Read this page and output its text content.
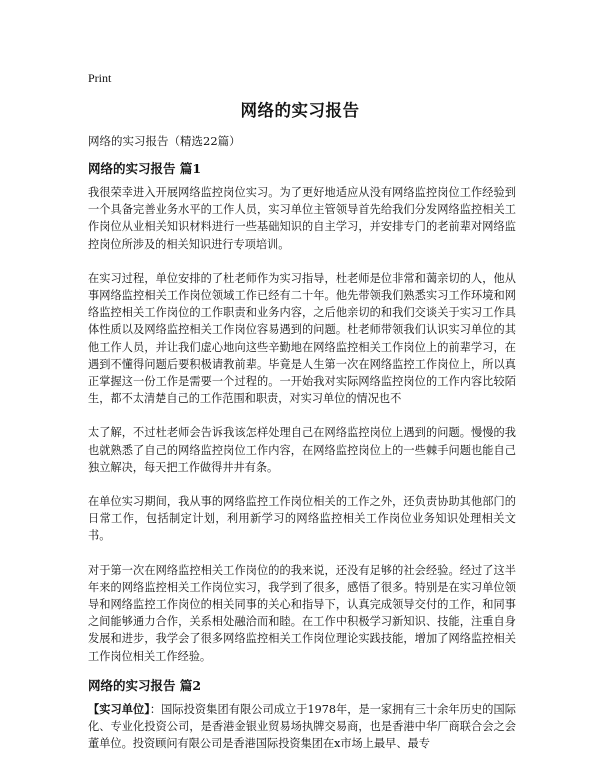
Print
网络的实习报告
网络的实习报告（精选22篇）
网络的实习报告 篇1

我很荣幸进入开展网络监控岗位实习。为了更好地适应从没有网络监控岗位工作经验到一个具备完善业务水平的工作人员，实习单位主管领导首先给我们分发网络监控相关工作岗位从业相关知识材料进行一些基础知识的自主学习，并安排专门的老前辈对网络监控岗位所涉及的相关知识进行专项培训。

在实习过程，单位安排的了杜老师作为实习指导，杜老师是位非常和蔼亲切的人，他从事网络监控相关工作岗位领域工作已经有二十年。他先带领我们熟悉实习工作环境和网络监控相关工作岗位的工作职责和业务内容，之后他亲切的和我们交谈关于实习工作具体性质以及网络监控相关工作岗位容易遇到的问题。杜老师带领我们认识实习单位的其他工作人员，并让我们虚心地向这些辛勤地在网络监控相关工作岗位上的前辈学习，在遇到不懂得问题后要积极请教前辈。毕竟是人生第一次在网络监控工作岗位上，所以真正掌握这一份工作是需要一个过程的。一开始我对实际网络监控岗位的工作内容比较陌生，都不太清楚自己的工作范围和职责，对实习单位的情况也不

太了解，不过杜老师会告诉我该怎样处理自己在网络监控岗位上遇到的问题。慢慢的我也就熟悉了自己的网络监控岗位工作内容，在网络监控岗位上的一些棘手问题也能自己独立解决，每天把工作做得井井有条。

在单位实习期间，我从事的网络监控工作岗位相关的工作之外，还负责协助其他部门的日常工作，包括制定计划，利用新学习的网络监控相关工作岗位业务知识处理相关文书。

对于第一次在网络监控相关工作岗位的的我来说，还没有足够的社会经验。经过了这半年来的网络监控相关工作岗位实习，我学到了很多，感悟了很多。特别是在实习单位领导和网络监控工作岗位的相关同事的关心和指导下，认真完成领导交付的工作，和同事之间能够通力合作，关系相处融洽而和睦。在工作中积极学习新知识、技能，注重自身发展和进步，我学会了很多网络监控相关工作岗位理论实践技能，增加了网络监控相关工作岗位相关工作经验。

网络的实习报告 篇2

【实习单位】：国际投资集团有限公司成立于1978年，是一家拥有三十余年历史的国际化、专业化投资公司，是香港金银业贸易场执牌交易商，也是香港中华厂商联合会之会董单位。投资顾问有限公司是香港国际投资集团在x市场上最早、最专
